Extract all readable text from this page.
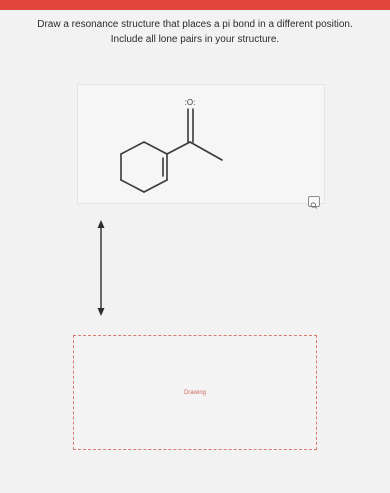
Draw a resonance structure that places a pi bond in a different position.
Include all lone pairs in your structure.
:O:
Drawing
